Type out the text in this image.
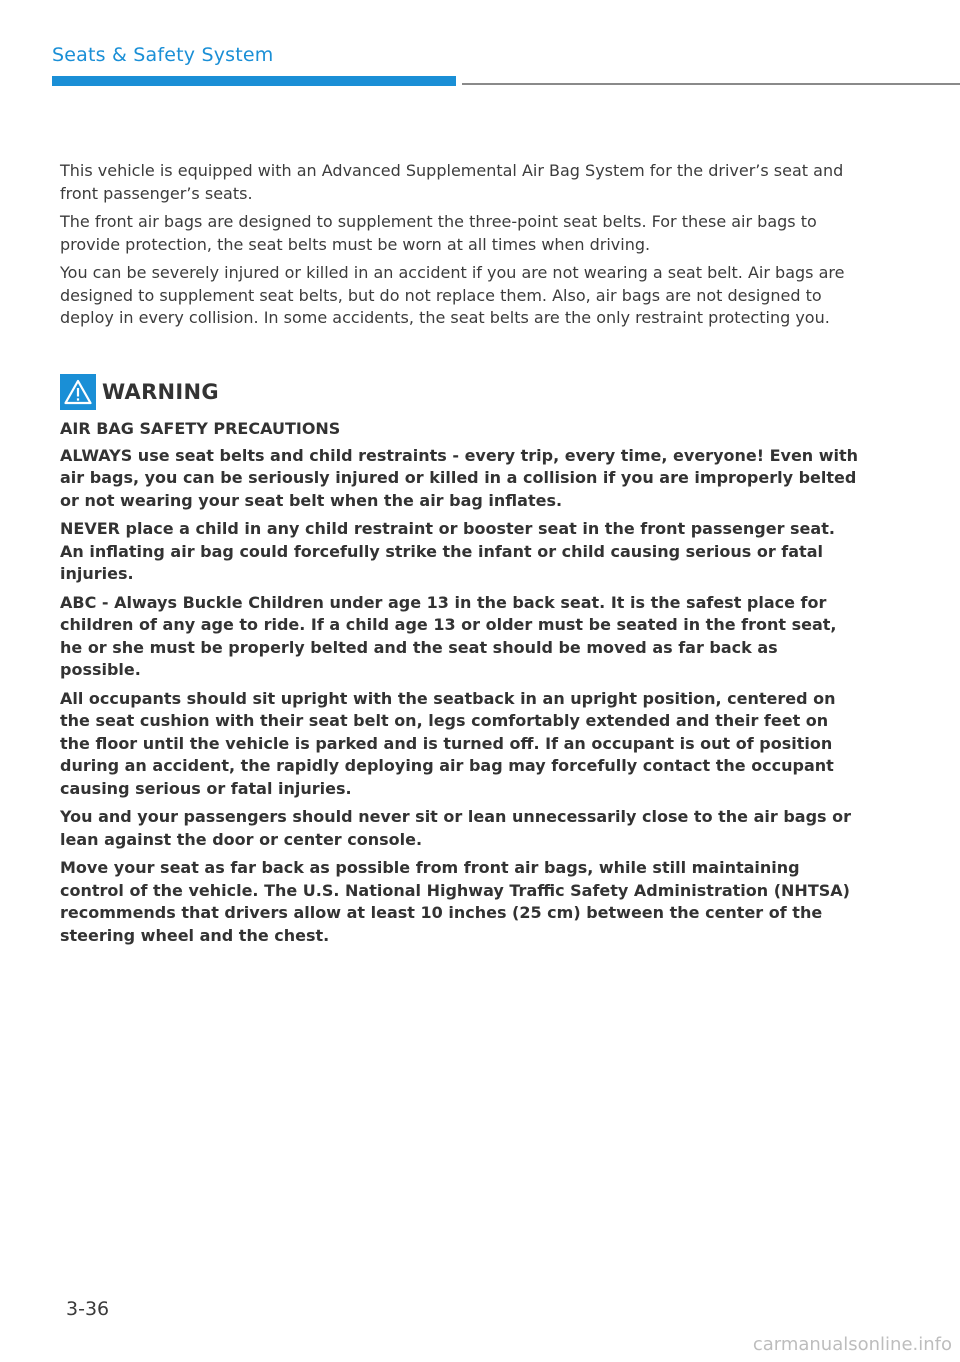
Seats & Safety System

This vehicle is equipped with an Advanced Supplemental Air Bag System for the driver’s seat and front passenger’s seats.

The front air bags are designed to supplement the three-point seat belts. For these air bags to provide protection, the seat belts must be worn at all times when driving.

You can be severely injured or killed in an accident if you are not wearing a seat belt. Air bags are designed to supplement seat belts, but do not replace them. Also, air bags are not designed to deploy in every collision. In some accidents, the seat belts are the only restraint protecting you.

WARNING

AIR BAG SAFETY PRECAUTIONS

ALWAYS use seat belts and child restraints - every trip, every time, everyone! Even with air bags, you can be seriously injured or killed in a collision if you are improperly belted or not wearing your seat belt when the air bag inflates.

NEVER place a child in any child restraint or booster seat in the front passenger seat. An inflating air bag could forcefully strike the infant or child causing serious or fatal injuries.

ABC - Always Buckle Children under age 13 in the back seat. It is the safest place for children of any age to ride. If a child age 13 or older must be seated in the front seat, he or she must be properly belted and the seat should be moved as far back as possible.

All occupants should sit upright with the seatback in an upright position, centered on the seat cushion with their seat belt on, legs comfortably extended and their feet on the floor until the vehicle is parked and is turned off. If an occupant is out of position during an accident, the rapidly deploying air bag may forcefully contact the occupant causing serious or fatal injuries.

You and your passengers should never sit or lean unnecessarily close to the air bags or lean against the door or center console.

Move your seat as far back as possible from front air bags, while still maintaining control of the vehicle. The U.S. National Highway Traffic Safety Administration (NHTSA) recommends that drivers allow at least 10 inches (25 cm) between the center of the steering wheel and the chest.

3-36
carmanualsonline.info
